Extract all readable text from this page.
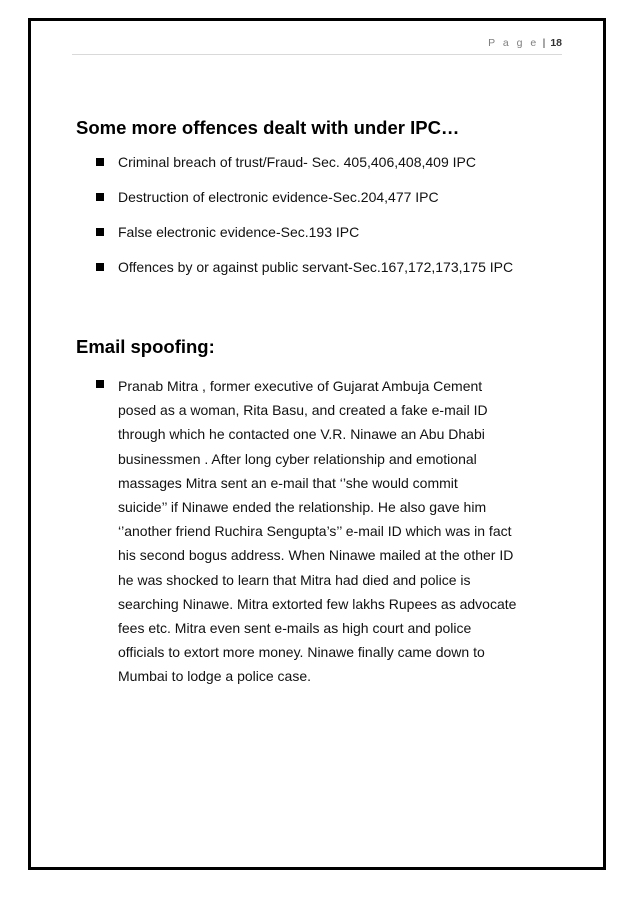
P a g e | 18
Some more offences dealt with under IPC…
Criminal breach of trust/Fraud- Sec. 405,406,408,409 IPC
Destruction of electronic evidence-Sec.204,477 IPC
False electronic evidence-Sec.193 IPC
Offences by or against public servant-Sec.167,172,173,175 IPC
Email spoofing:

Pranab Mitra , former executive of Gujarat Ambuja Cement
posed as a woman, Rita Basu, and created a fake e-mail ID
through which he contacted one V.R. Ninawe an Abu Dhabi
businessmen . After long cyber relationship and emotional
massages Mitra sent an e-mail that ‘’she would commit
suicide’’ if Ninawe ended the relationship. He also gave him
‘’another friend Ruchira Sengupta’s’’ e-mail ID which was in fact
his second bogus address. When Ninawe mailed at the other ID
he was shocked to learn that Mitra had died and police is
searching Ninawe. Mitra extorted few lakhs Rupees as advocate
fees etc. Mitra even sent e-mails as high court and police
officials to extort more money. Ninawe finally came down to
Mumbai to lodge a police case.
